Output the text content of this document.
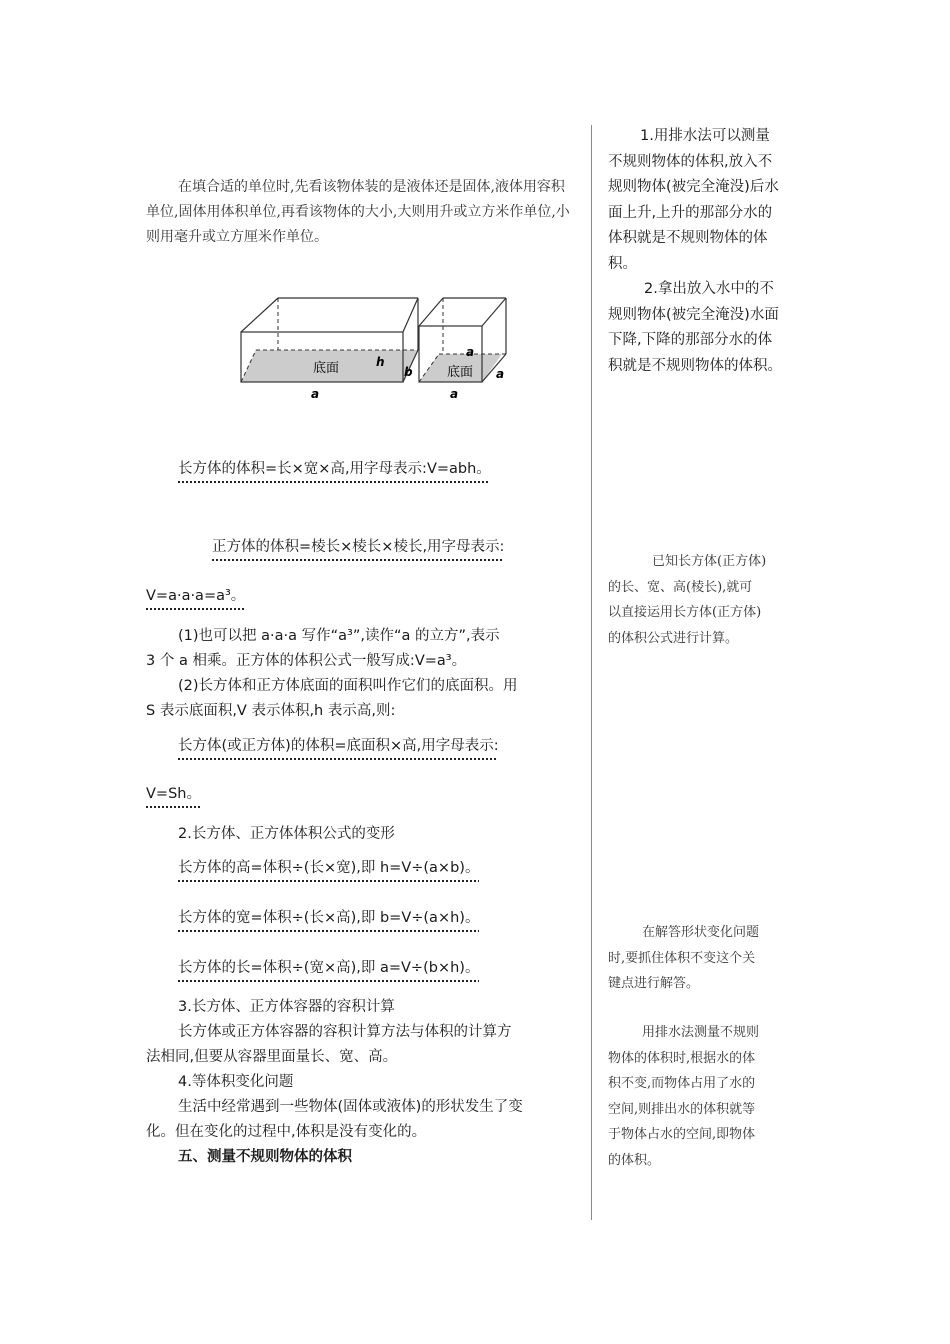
在填合适的单位时,先看该物体装的是液体还是固体,液体用容积单位,固体用体积单位,再看该物体的大小,大则用升或立方米作单位,小则用毫升或立方厘米作单位。

底面	h
b
a
底面
a
a
a
长方体的体积=长×宽×高,用字母表示:V=abh。
正方体的体积=棱长×棱长×棱长,用字母表示:
V=a·a·a=a³。

(1)也可以把 a·a·a 写作“a³”,读作“a 的立方”,表示

3 个 a 相乘。正方体的体积公式一般写成:V=a³。

(2)长方体和正方体底面的面积叫作它们的底面积。用

S 表示底面积,V 表示体积,h 表示高,则:

长方体(或正方体)的体积=底面积×高,用字母表示:
V=Sh。
2.长方体、正方体体积公式的变形
长方体的高=体积÷(长×宽),即 h=V÷(a×b)。
长方体的宽=体积÷(长×高),即 b=V÷(a×h)。
长方体的长=体积÷(宽×高),即 a=V÷(b×h)。

3.长方体、正方体容器的容积计算

长方体或正方体容器的容积计算方法与体积的计算方

法相同,但要从容器里面量长、宽、高。

4.等体积变化问题

生活中经常遇到一些物体(固体或液体)的形状发生了变

化。但在变化的过程中,体积是没有变化的。

五、测量不规则物体的体积

1.用排水法可以测量

不规则物体的体积,放入不

规则物体(被完全淹没)后水

面上升,上升的那部分水的

体积就是不规则物体的体

积。

2.拿出放入水中的不

规则物体(被完全淹没)水面

下降,下降的那部分水的体

积就是不规则物体的体积。

已知长方体(正方体)

的长、宽、高(棱长),就可

以直接运用长方体(正方体)

的体积公式进行计算。

在解答形状变化问题

时,要抓住体积不变这个关

键点进行解答。

用排水法测量不规则

物体的体积时,根据水的体

积不变,而物体占用了水的

空间,则排出水的体积就等

于物体占水的空间,即物体

的体积。
